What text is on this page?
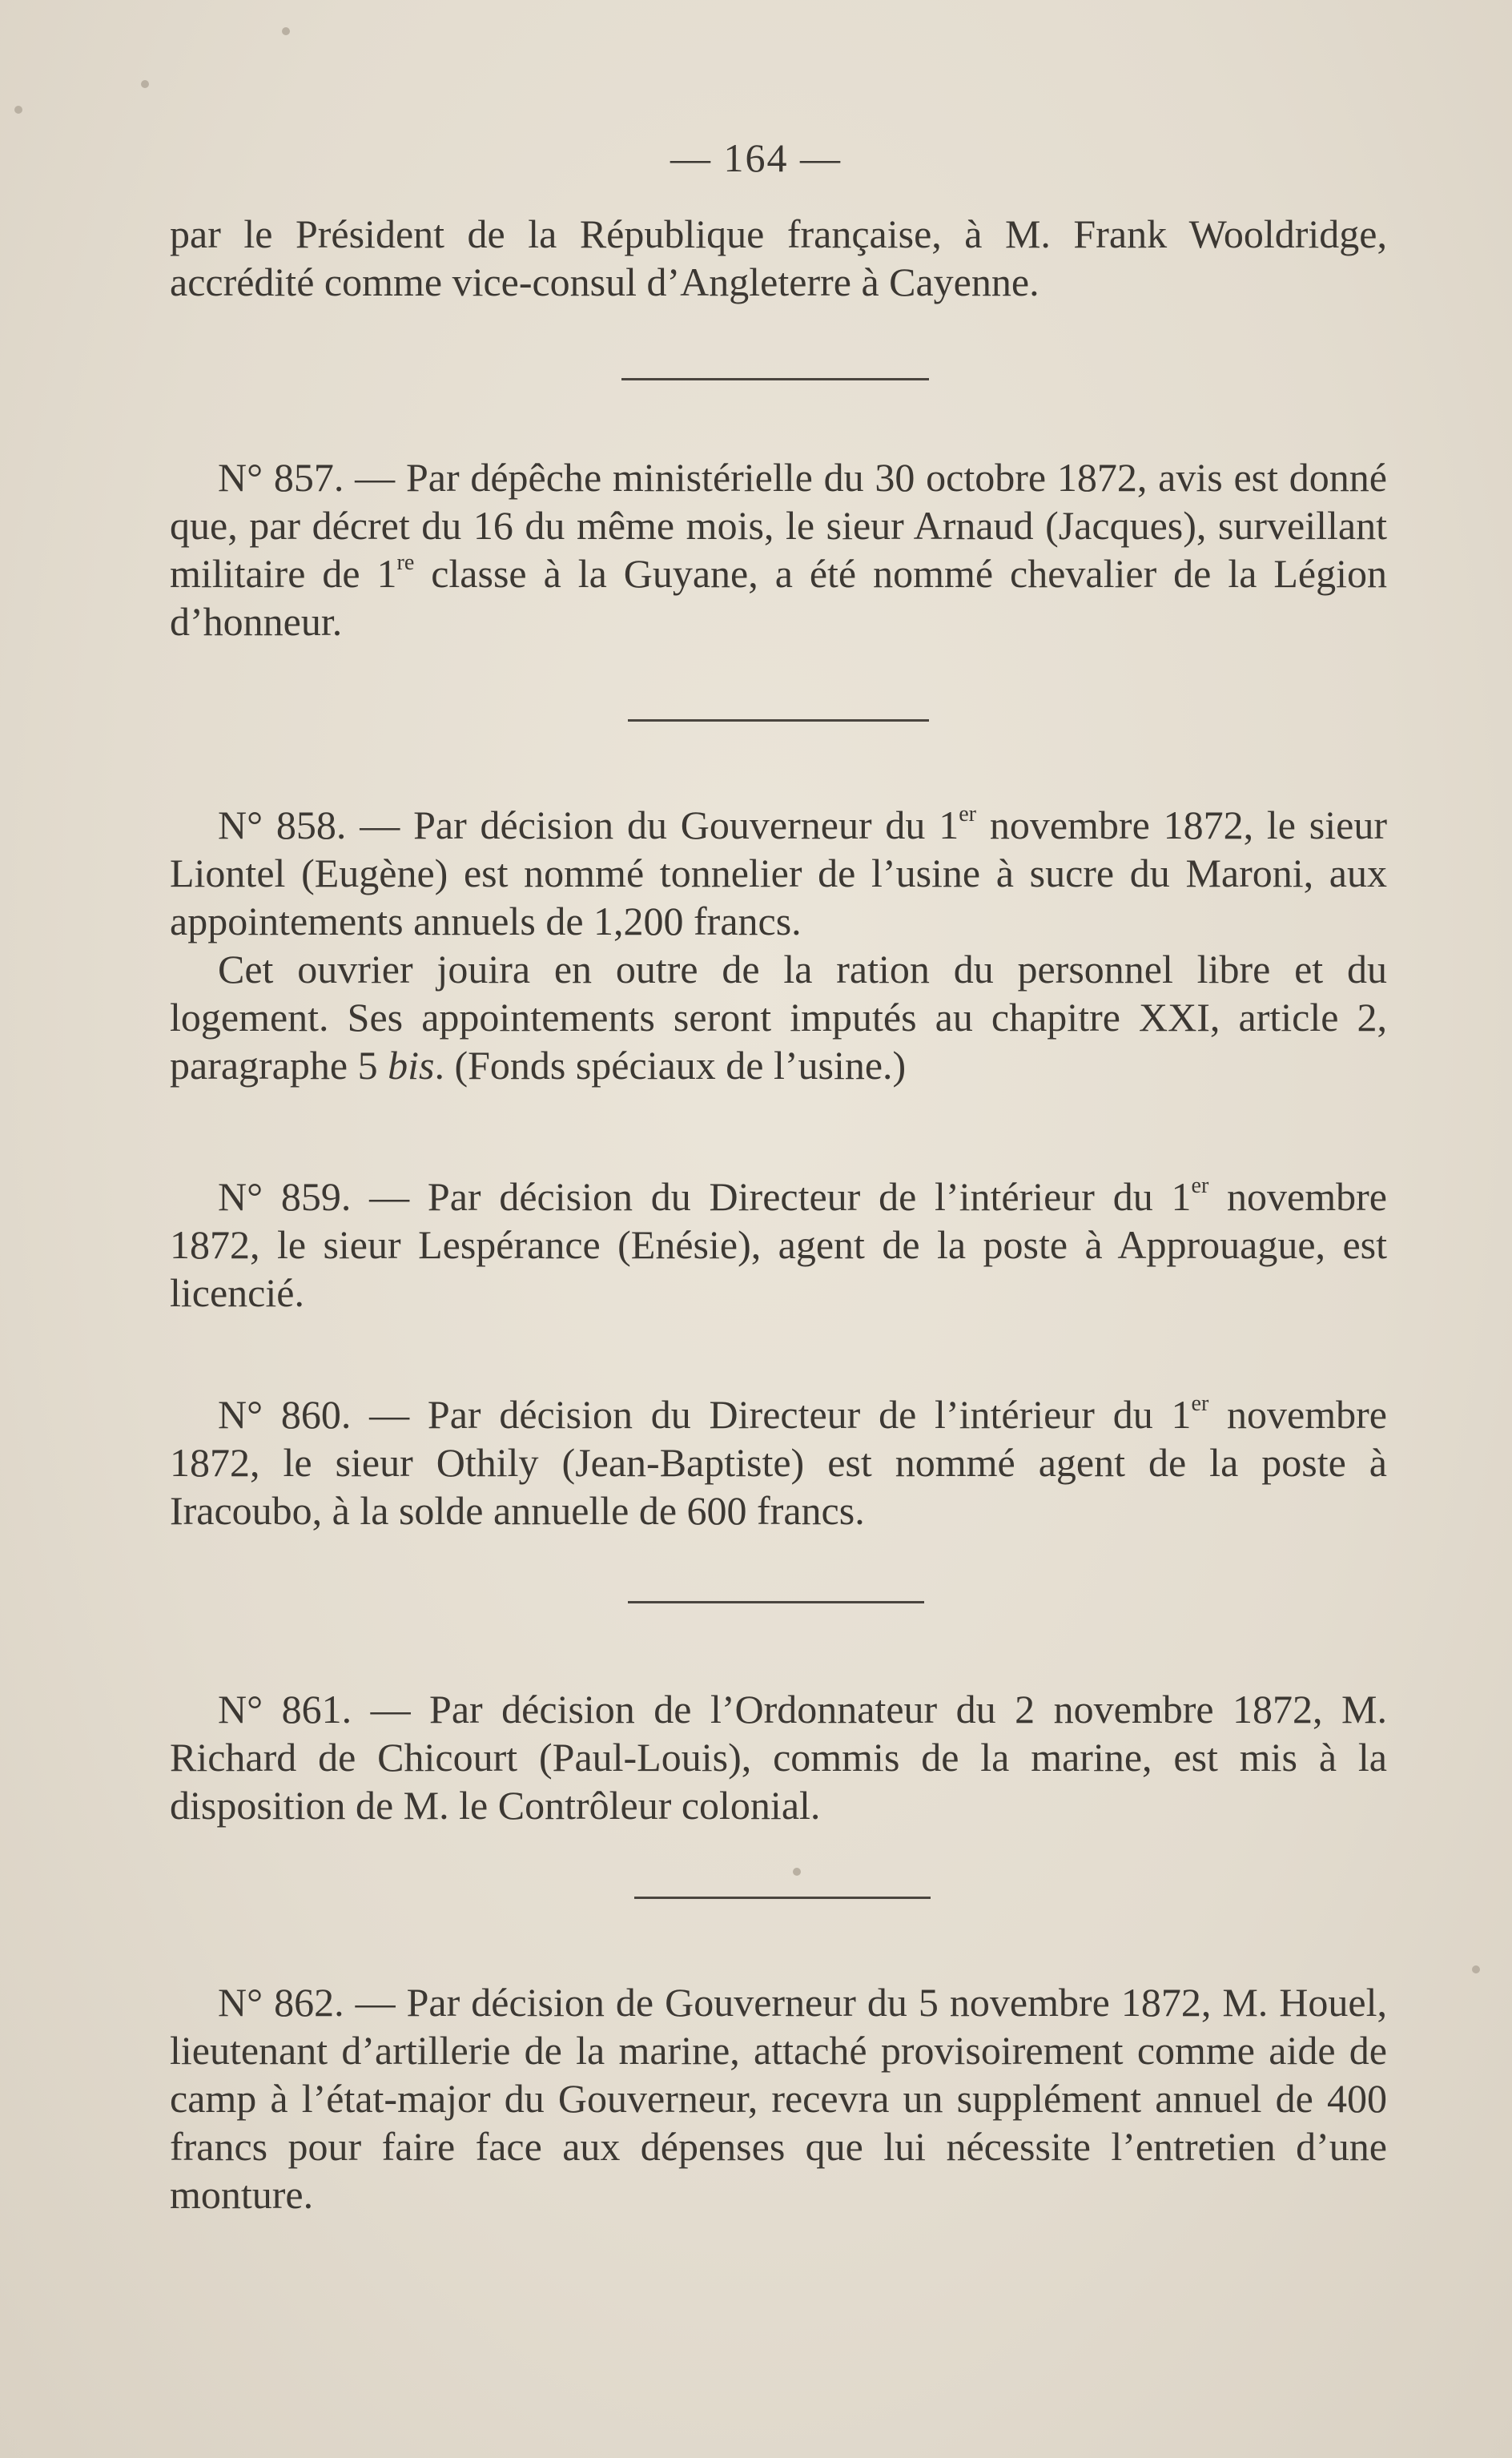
— 164 —

par le Président de la République française, à M. Frank Wooldridge, accrédité comme vice-consul d’Angleterre à Cayenne.

N° 857. — Par dépêche ministérielle du 30 octobre 1872, avis est donné que, par décret du 16 du même mois, le sieur Arnaud (Jacques), surveillant militaire de 1re classe à la Guyane, a été nommé chevalier de la Légion d’honneur.

N° 858. — Par décision du Gouverneur du 1er novembre 1872, le sieur Liontel (Eugène) est nommé tonnelier de l’usine à sucre du Maroni, aux appointements annuels de 1,200 francs.

Cet ouvrier jouira en outre de la ration du personnel libre et du logement. Ses appointements seront imputés au chapitre XXI, article 2, paragraphe 5 bis. (Fonds spéciaux de l’usine.)

N° 859. — Par décision du Directeur de l’intérieur du 1er novembre 1872, le sieur Lespérance (Enésie), agent de la poste à Approuague, est licencié.

N° 860. — Par décision du Directeur de l’intérieur du 1er novembre 1872, le sieur Othily (Jean-Baptiste) est nommé agent de la poste à Iracoubo, à la solde annuelle de 600 francs.

N° 861. — Par décision de l’Ordonnateur du 2 novembre 1872, M. Richard de Chicourt (Paul-Louis), commis de la marine, est mis à la disposition de M. le Contrôleur colonial.

N° 862. — Par décision de Gouverneur du 5 novembre 1872, M. Houel, lieutenant d’artillerie de la marine, attaché provisoirement comme aide de camp à l’état-major du Gouverneur, recevra un supplément annuel de 400 francs pour faire face aux dépenses que lui nécessite l’entretien d’une monture.
